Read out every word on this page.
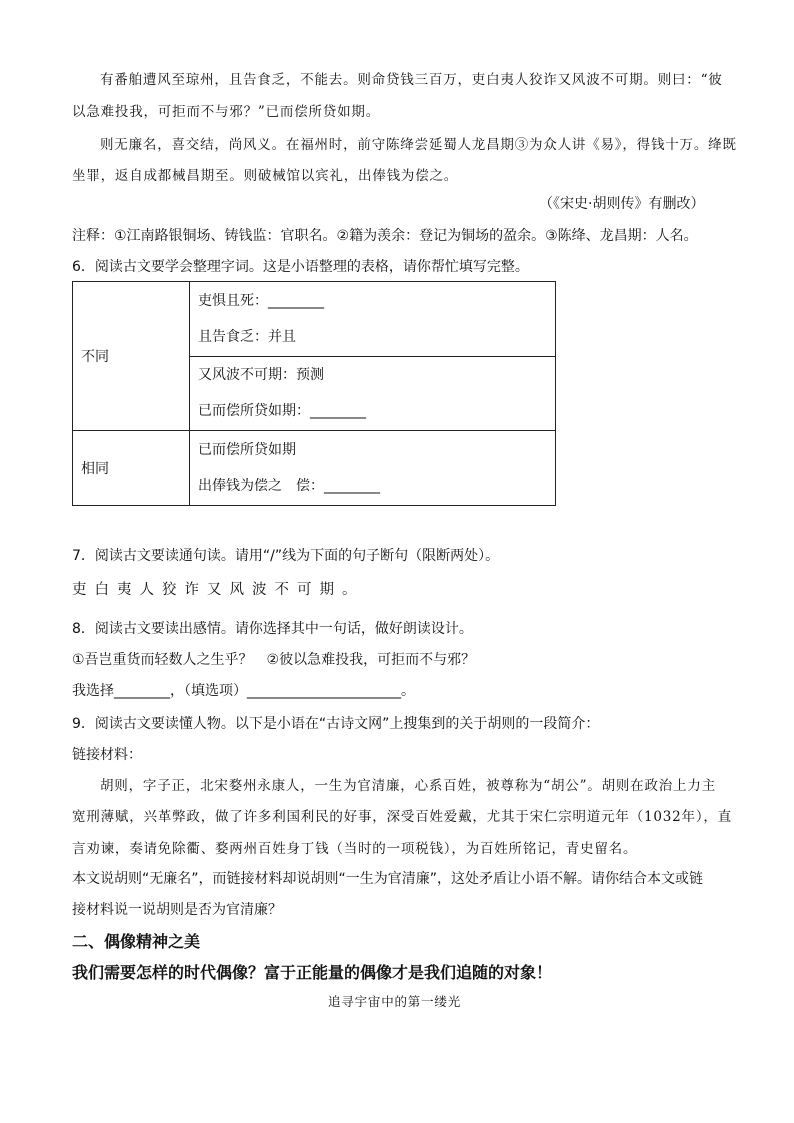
有番舶遭风至琼州，且告食乏，不能去。则命贷钱三百万，吏白夷人狡诈又风波不可期。则曰：“彼
以急难投我，可拒而不与邪？”已而偿所贷如期。
则无廉名，喜交结，尚风义。在福州时，前守陈绛尝延蜀人龙昌期③为众人讲《易》，得钱十万。绛既
坐罪，返自成都械昌期至。则破械馆以宾礼，出俸钱为偿之。
（《宋史·胡则传》有删改）
注释：①江南路银铜场、铸钱监：官职名。②籍为羡余：登记为铜场的盈余。③陈绛、龙昌期：人名。
6．阅读古文要学会整理字词。这是小语整理的表格，请你帮忙填写完整。
不同	吏惧且死：________
且告食乏：并且

	又风波不可期：预测
已而偿所贷如期：________

相同	已而偿所贷如期
出俸钱为偿之　偿：________
7．阅读古文要读通句读。请用“/”线为下面的句子断句（限断两处）。
吏白夷人狡诈又风波不可期。
8．阅读古文要读出感情。请你选择其中一句话，做好朗读设计。
①吾岂重货而轻数人之生乎？　②彼以急难投我，可拒而不与邪？
我选择________，（填选项）______________________。
9．阅读古文要读懂人物。以下是小语在“古诗文网”上搜集到的关于胡则的一段简介：
链接材料：
胡则，字子正，北宋婺州永康人，一生为官清廉，心系百姓，被尊称为“胡公”。胡则在政治上力主
宽刑薄赋，兴革弊政，做了许多利国利民的好事，深受百姓爱戴，尤其于宋仁宗明道元年（1032年），直
言劝谏，奏请免除衢、婺两州百姓身丁钱（当时的一项税钱），为百姓所铭记，青史留名。
本文说胡则“无廉名”，而链接材料却说胡则“一生为官清廉”，这处矛盾让小语不解。请你结合本文或链
接材料说一说胡则是否为官清廉？
二、偶像精神之美
我们需要怎样的时代偶像？富于正能量的偶像才是我们追随的对象！
追寻宇宙中的第一缕光
